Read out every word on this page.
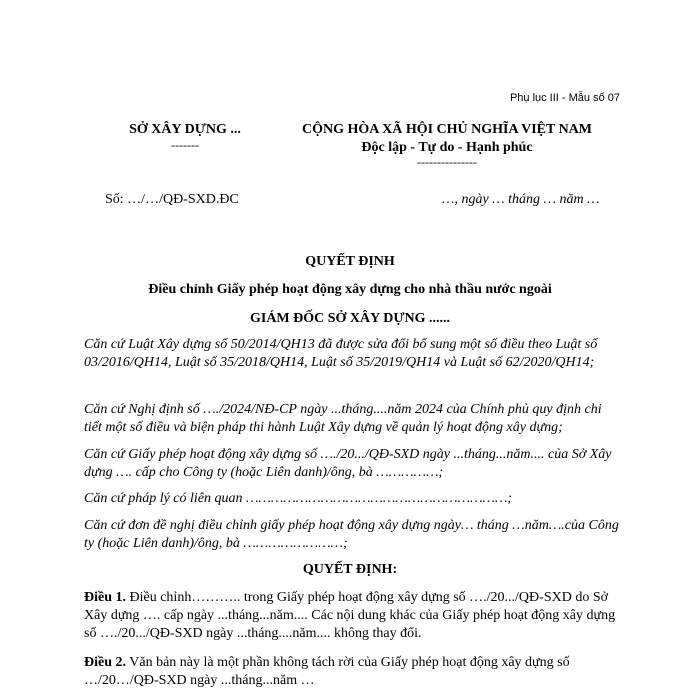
Phụ lục III - Mẫu số 07
SỞ XÂY DỰNG ...
-------
CỘNG HÒA XÃ HỘI CHỦ NGHĨA VIỆT NAM
Độc lập - Tự do - Hạnh phúc
---------------
Số: …/…/QĐ-SXD.ĐC	…, ngày … tháng … năm …
QUYẾT ĐỊNH
Điều chỉnh Giấy phép hoạt động xây dựng cho nhà thầu nước ngoài
GIÁM ĐỐC SỞ XÂY DỰNG ......
Căn cứ Luật Xây dựng số 50/2014/QH13 đã được sửa đổi bổ sung một số điều theo Luật số 03/2016/QH14, Luật số 35/2018/QH14, Luật số 35/2019/QH14 và Luật số 62/2020/QH14;
Căn cứ Nghị định số …./2024/NĐ-CP ngày ...tháng....năm 2024 của Chính phủ quy định chi tiết một số điều và biện pháp thi hành Luật Xây dựng về quản lý hoạt động xây dựng;
Căn cứ Giấy phép hoạt động xây dựng số …./20.../QĐ-SXD ngày ...tháng...năm.... của Sở Xây dựng …. cấp cho Công ty (hoặc Liên danh)/ông, bà ……………;
Căn cứ pháp lý có liên quan ………………………………………………………;
Căn cứ đơn đề nghị điều chỉnh giấy phép hoạt động xây dựng ngày… tháng …năm….của Công ty (hoặc Liên danh)/ông, bà ……………………;
QUYẾT ĐỊNH:
Điều 1. Điều chỉnh……….. trong Giấy phép hoạt động xây dựng số …./20.../QĐ-SXD do Sở Xây dựng …. cấp ngày ...tháng...năm.... Các nội dung khác của Giấy phép hoạt động xây dựng số …./20.../QĐ-SXD ngày ...tháng....năm.... không thay đổi.
Điều 2. Văn bản này là một phần không tách rời của Giấy phép hoạt động xây dựng số …/20…/QĐ-SXD ngày ...tháng...năm …
